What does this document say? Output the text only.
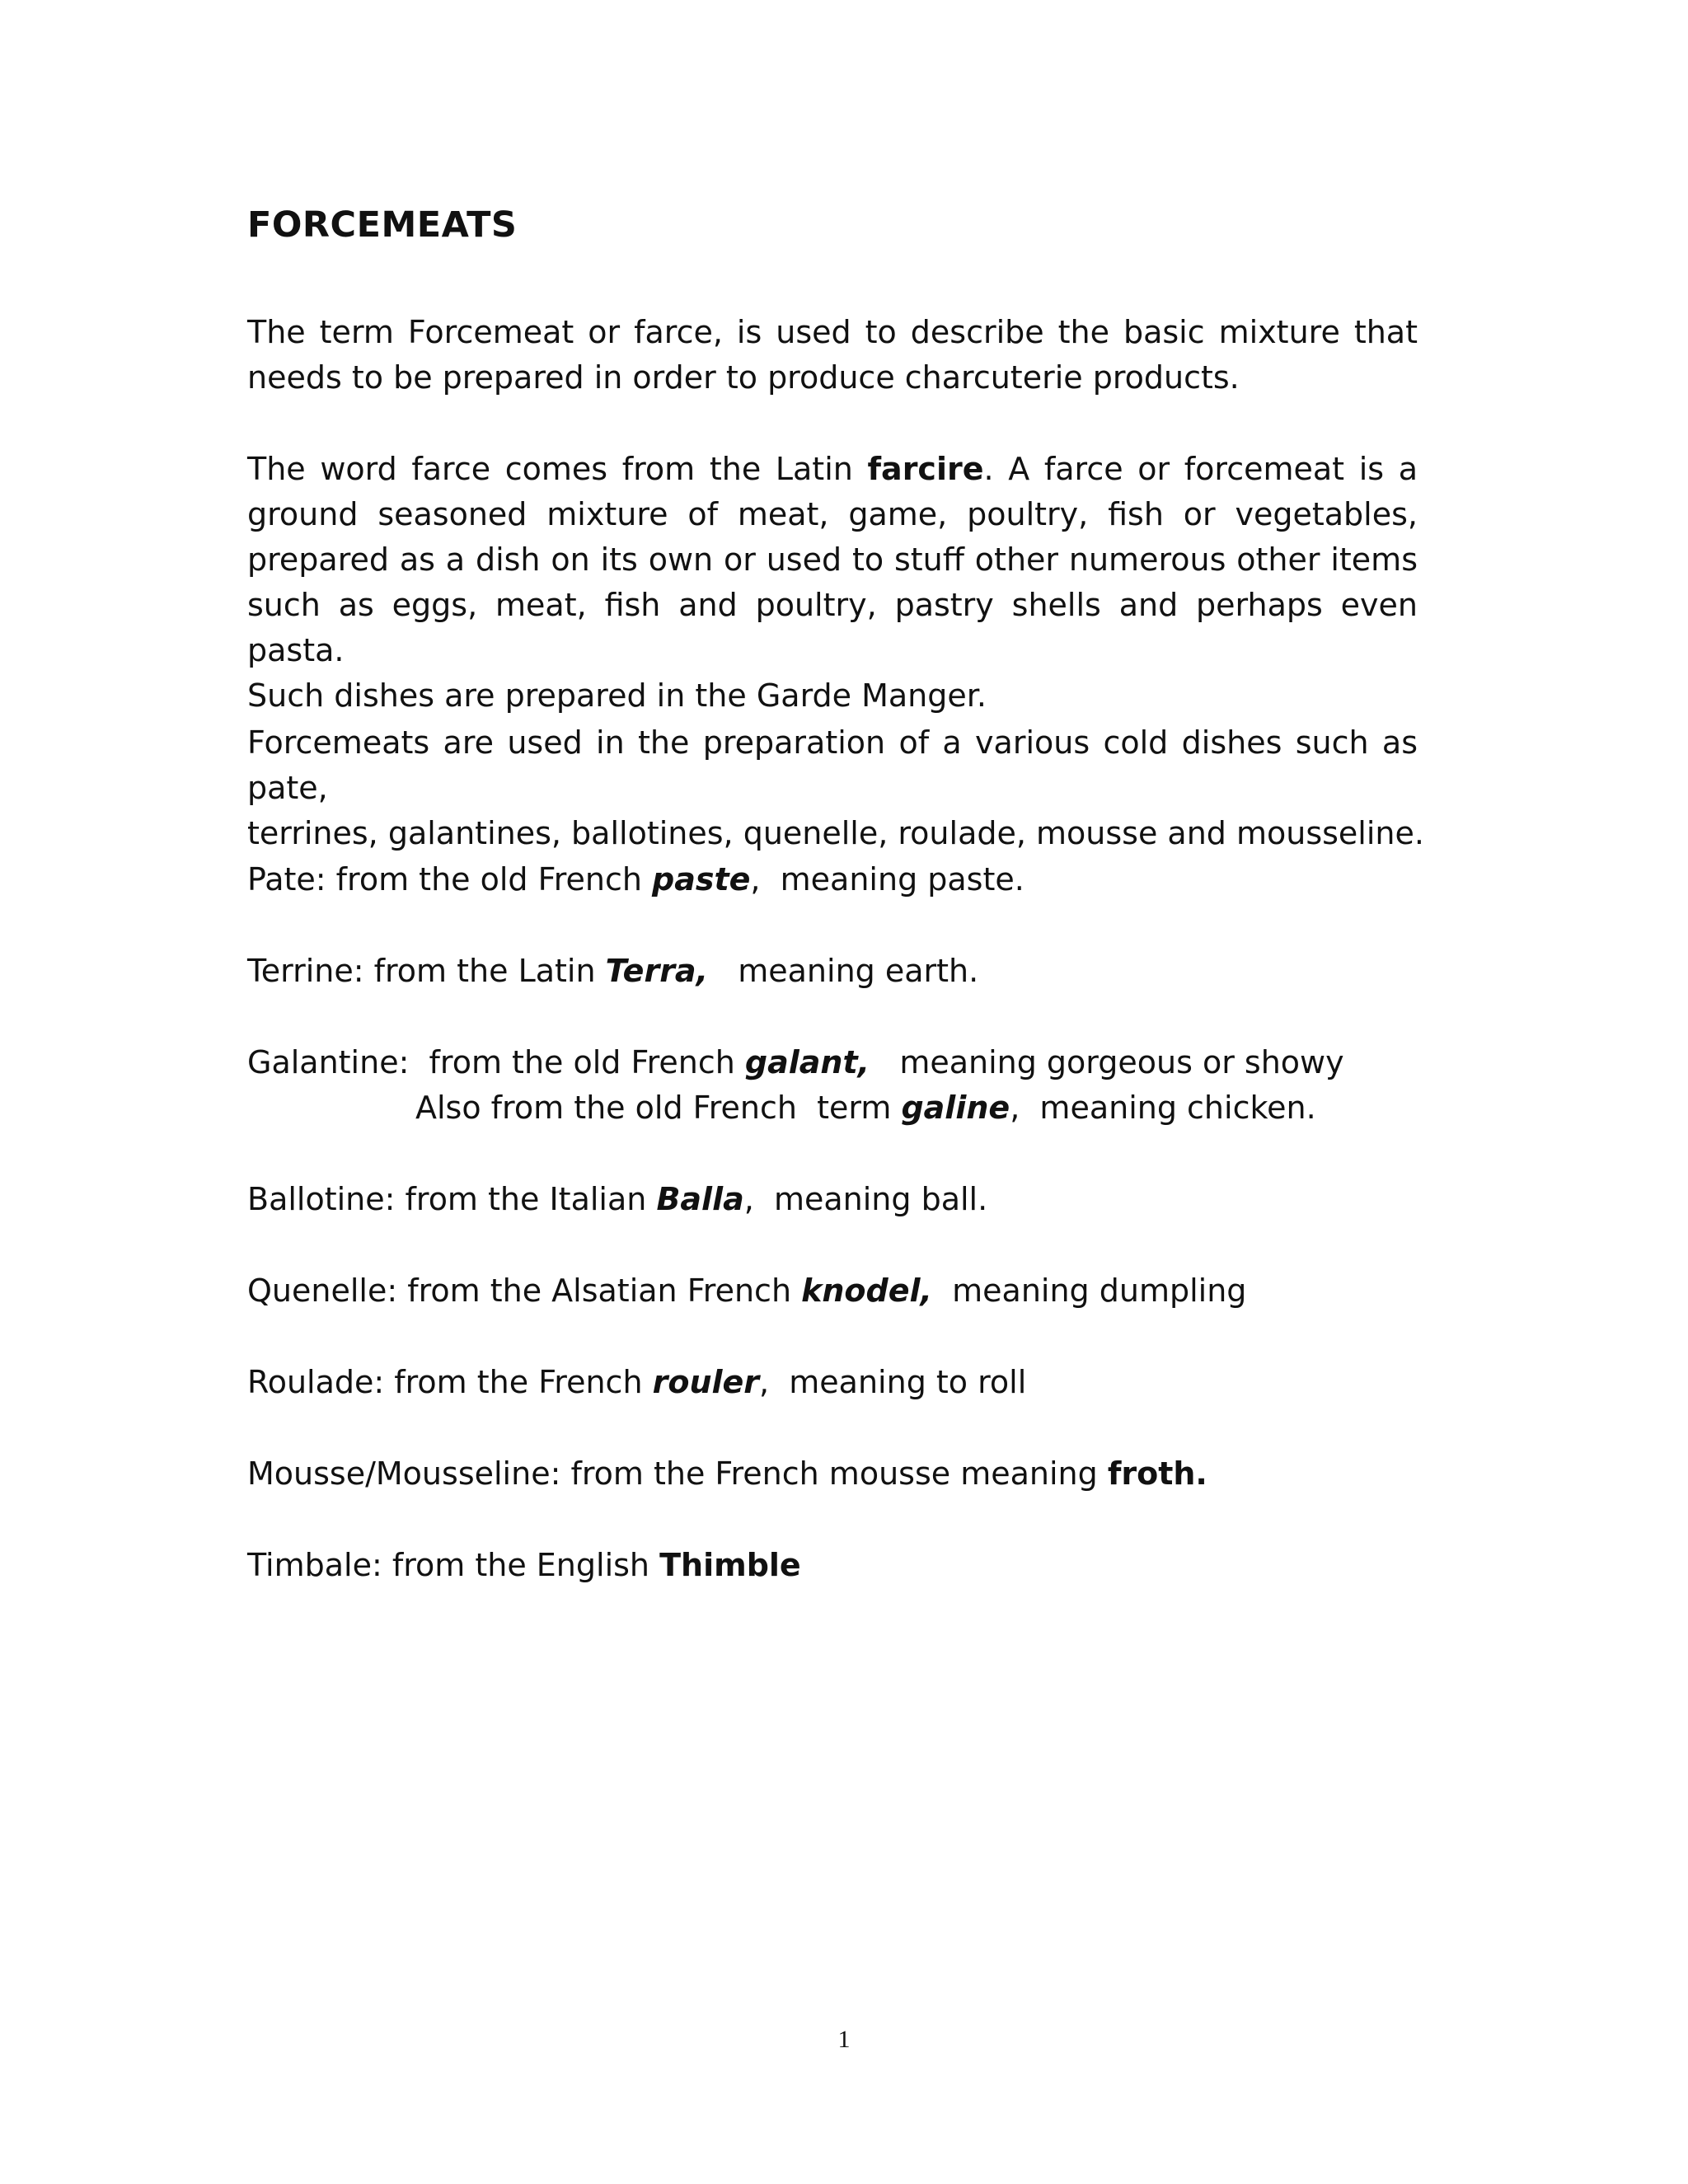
FORCEMEATS
The term Forcemeat or farce, is used to describe the basic mixture that
needs to be prepared in order to produce charcuterie products.
The word farce comes from the Latin farcire. A farce or forcemeat is a
ground seasoned mixture of meat, game, poultry, fish or vegetables,
prepared as a dish on its own or used to stuff other numerous other items
such as eggs, meat, fish and poultry, pastry shells and perhaps even pasta.
Such dishes are prepared in the Garde Manger.
Forcemeats are used in the preparation of a various cold dishes such as pate,
terrines, galantines, ballotines, quenelle, roulade, mousse and mousseline.
Pate: from the old French paste,  meaning paste.
Terrine: from the Latin Terra,   meaning earth.
Galantine:  from the old French galant,   meaning gorgeous or showy
Also from the old French  term galine,  meaning chicken.
Ballotine: from the Italian Balla,  meaning ball.
Quenelle: from the Alsatian French knodel,  meaning dumpling
Roulade: from the French rouler,  meaning to roll
Mousse/Mousseline: from the French mousse meaning froth.
Timbale: from the English Thimble
1
